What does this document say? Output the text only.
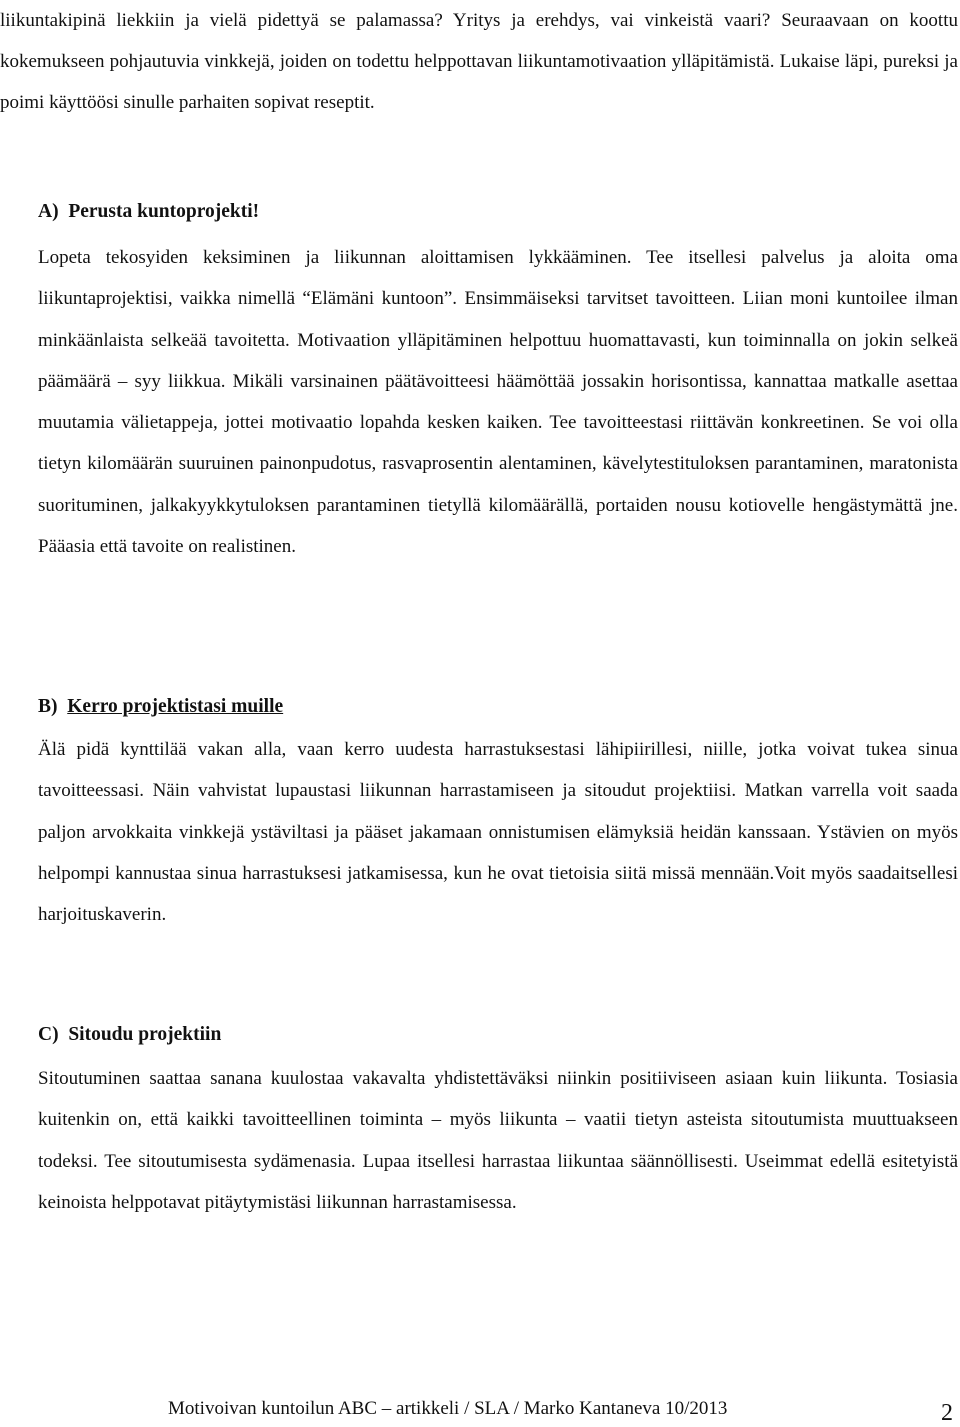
liikuntakipinä liekkiin ja vielä pidettyä se palamassa? Yritys ja erehdys, vai vinkeistä vaari? Seuraavaan on koottu kokemukseen pohjautuvia vinkkejä, joiden on todettu helppottavan liikuntamotivaation ylläpitämistä. Lukaise läpi, pureksi ja poimi käyttöösi sinulle parhaiten sopivat reseptit.

A) Perusta kuntoprojekti!

Lopeta tekosyiden keksiminen ja liikunnan aloittamisen lykkääminen. Tee itsellesi palvelus ja aloita oma liikuntaprojektisi, vaikka nimellä “Elämäni kuntoon”. Ensimmäiseksi tarvitset tavoitteen. Liian moni kuntoilee ilman minkäänlaista selkeää tavoitetta. Motivaation ylläpitäminen helpottuu huomattavasti, kun toiminnalla on jokin selkeä päämäärä – syy liikkua. Mikäli varsinainen päätävoitteesi häämöttää jossakin horisontissa, kannattaa matkalle asettaa muutamia välietappeja, jottei motivaatio lopahda kesken kaiken. Tee tavoitteestasi riittävän konkreetinen. Se voi olla tietyn kilomäärän suuruinen painonpudotus, rasvaprosentin alentaminen, kävelytestituloksen parantaminen, maratonista suorituminen, jalkakyykkytuloksen parantaminen tietyllä kilomäärällä, portaiden nousu kotiovelle hengästymättä jne. Pääasia että tavoite on realistinen.

B) Kerro projektistasi muille

Älä pidä kynttilää vakan alla, vaan kerro uudesta harrastuksestasi lähipiirillesi, niille, jotka voivat tukea sinua tavoitteessasi. Näin vahvistat lupaustasi liikunnan harrastamiseen ja sitoudut projektiisi. Matkan varrella voit saada paljon arvokkaita vinkkejä ystäviltasi ja pääset jakamaan onnistumisen elämyksiä heidän kanssaan. Ystävien on myös helpompi kannustaa sinua harrastuksesi jatkamisessa, kun he ovat tietoisia siitä missä mennään.Voit myös saadaitsellesi harjoituskaverin.

C) Sitoudu projektiin

Sitoutuminen saattaa sanana kuulostaa vakavalta yhdistettäväksi niinkin positiiviseen asiaan kuin liikunta. Tosiasia kuitenkin on, että kaikki tavoitteellinen toiminta – myös liikunta – vaatii tietyn asteista sitoutumista muuttuakseen todeksi. Tee sitoutumisesta sydämenasia. Lupaa itsellesi harrastaa liikuntaa säännöllisesti. Useimmat edellä esitetyistä keinoista helppotavat pitäytymistäsi liikunnan harrastamisessa.

Motivoivan kuntoilun ABC – artikkeli / SLA / Marko Kantaneva 10/2013	2
